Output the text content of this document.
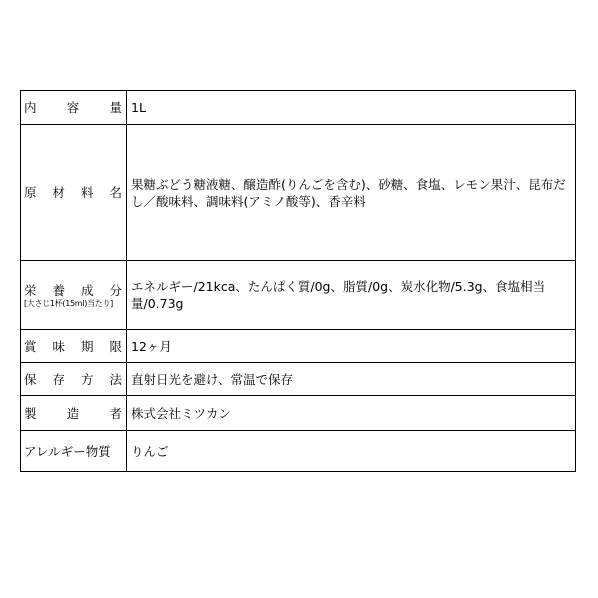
内 容 量	1L

原 材 料 名	果糖ぶどう糖液糖、醸造酢(りんごを含む)、砂糖、食塩、レモン果汁、昆布だし／酸味料、調味料(アミノ酸等)、香辛料

栄 養 成 分
[大さじ1杯(15ml)当たり]	エネルギー/21kca、たんぱく質/0g、脂質/0g、炭水化物/5.3g、食塩相当量/0.73g

賞 味 期 限	12ヶ月

保 存 方 法	直射日光を避け、常温で保存

製 造 者	株式会社ミツカン

アレルギー物質	りんご
